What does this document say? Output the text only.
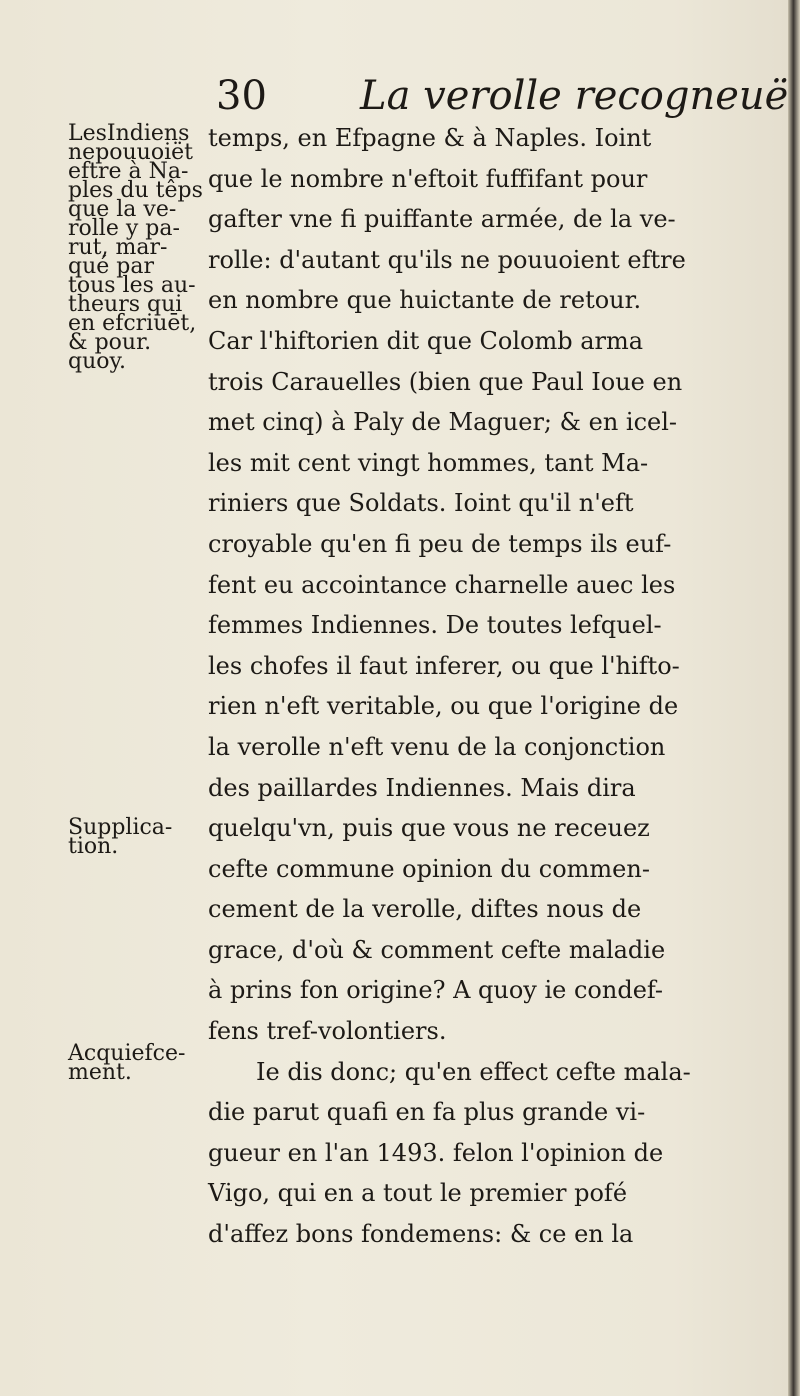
30 La verolle recogneuë
LesIndiens
nepouuoiët
eftre à Na-
ples du têps
que la ve-
rolle y pa-
rut, mar-
qué par
tous les au-
theurs qui
en efcriuēt,
& pour.
quoy.
Supplica-
tion.
Acquiefce-
ment.
temps, en Efpagne & à Naples. Ioint
que le nombre n'eftoit fuffifant pour
gafter vne fi puiffante armée, de la ve-
rolle: d'autant qu'ils ne pouuoient eftre
en nombre que huictante de retour.
Car l'hiftorien dit que Colomb arma
trois Carauelles (bien que Paul Ioue en
met cinq) à Paly de Maguer; & en icel-
les mit cent vingt hommes, tant Ma-
riniers que Soldats. Ioint qu'il n'eft
croyable qu'en fi peu de temps ils euf-
fent eu accointance charnelle auec les
femmes Indiennes. De toutes lefquel-
les chofes il faut inferer, ou que l'hifto-
rien n'eft veritable, ou que l'origine de
la verolle n'eft venu de la conjonction
des paillardes Indiennes. Mais dira
quelqu'vn, puis que vous ne receuez
cefte commune opinion du commen-
cement de la verolle, diftes nous de
grace, d'où & comment cefte maladie
à prins fon origine? A quoy ie condef-
fens tref-volontiers.
Ie dis donc; qu'en effect cefte mala-
die parut quafi en fa plus grande vi-
gueur en l'an 1493. felon l'opinion de
Vigo, qui en a tout le premier pofé
d'affez bons fondemens: & ce en la
